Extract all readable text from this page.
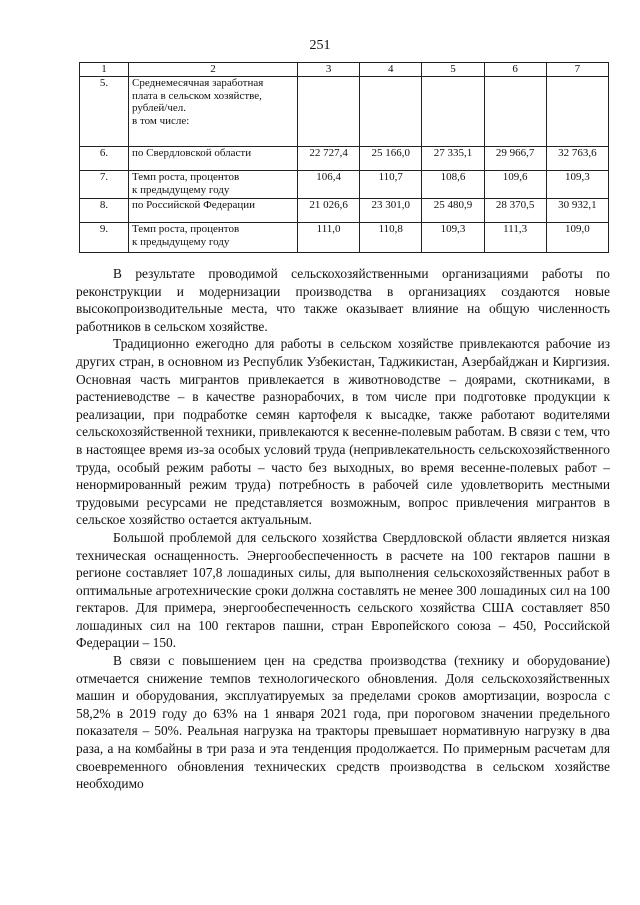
251
1	2	3	4	5	6	7
5.	Среднемесячная заработная
плата в сельском хозяйстве,
рублей/чел.
в том числе:					

6.	по Свердловской области	22 727,4	25 166,0	27 335,1	29 966,7	32 763,6
7.	Темп роста, процентов
к предыдущему году	106,4	110,7	108,6	109,6	109,3
8.	по Российской Федерации	21 026,6	23 301,0	25 480,9	28 370,5	30 932,1
9.	Темп роста, процентов
к предыдущему году	111,0	110,8	109,3	111,3	109,0

В результате проводимой сельскохозяйственными организациями работы по реконструкции и модернизации производства в организациях создаются новые высокопроизводительные места, что также оказывает влияние на общую численность работников в сельском хозяйстве.

Традиционно ежегодно для работы в сельском хозяйстве привлекаются рабочие из других стран, в основном из Республик Узбекистан, Таджикистан, Азербайджан и Киргизия. Основная часть мигрантов привлекается в животноводстве – доярами, скотниками, в растениеводстве – в качестве разнорабочих, в том числе при подготовке продукции к реализации, при подработке семян картофеля к высадке, также работают водителями сельскохозяйственной техники, привлекаются к весенне-полевым работам. В связи с тем, что в настоящее время из-за особых условий труда (непривлекательность сельскохозяйственного труда, особый режим работы – часто без выходных, во время весенне-полевых работ – ненормированный режим труда) потребность в рабочей силе удовлетворить местными трудовыми ресурсами не представляется возможным, вопрос привлечения мигрантов в сельское хозяйство остается актуальным.

Большой проблемой для сельского хозяйства Свердловской области является низкая техническая оснащенность. Энергообеспеченность в расчете на 100 гектаров пашни в регионе составляет 107,8 лошадиных силы, для выполнения сельскохозяйственных работ в оптимальные агротехнические сроки должна составлять не менее 300 лошадиных сил на 100 гектаров. Для примера, энергообеспеченность сельского хозяйства США составляет 850 лошадиных сил на 100 гектаров пашни, стран Европейского союза – 450, Российской Федерации – 150.

В связи с повышением цен на средства производства (технику и оборудование) отмечается снижение темпов технологического обновления. Доля сельскохозяйственных машин и оборудования, эксплуатируемых за пределами сроков амортизации, возросла с 58,2% в 2019 году до 63% на 1 января 2021 года, при пороговом значении предельного показателя – 50%. Реальная нагрузка на тракторы превышает нормативную нагрузку в два раза, а на комбайны в три раза и эта тенденция продолжается. По примерным расчетам для своевременного обновления технических средств производства в сельском хозяйстве необходимо
